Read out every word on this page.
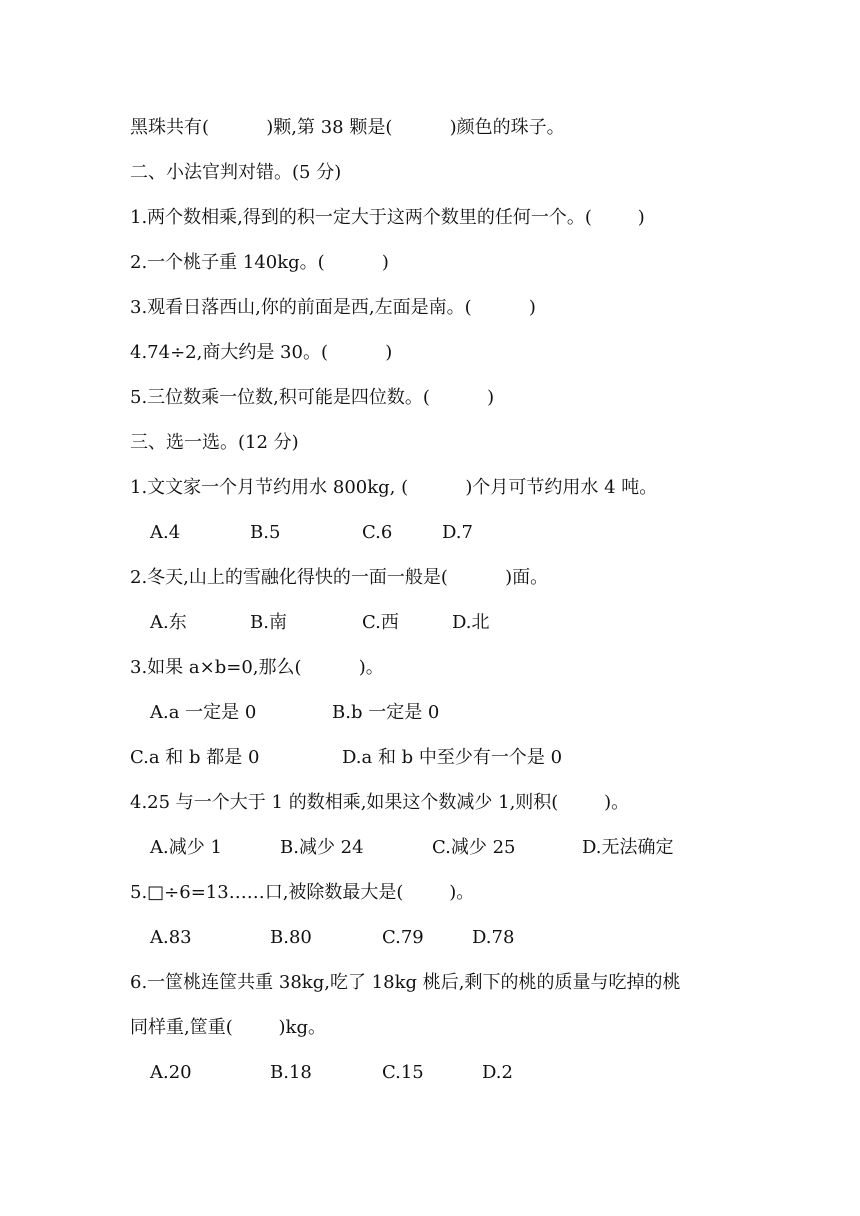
黑珠共有(          )颗,第 38 颗是(          )颜色的珠子。
二、小法官判对错。(5 分)
1.两个数相乘,得到的积一定大于这两个数里的任何一个。(        )
2.一个桃子重 140kg。(          )
3.观看日落西山,你的前面是西,左面是南。(          )
4.74÷2,商大约是 30。(          )
5.三位数乘一位数,积可能是四位数。(          )
三、选一选。(12 分)
1.文文家一个月节约用水 800kg, (          )个月可节约用水 4 吨。
A.4	B.5	C.6	D.7
2.冬天,山上的雪融化得快的一面一般是(          )面。
A.东	B.南	C.西	D.北
3.如果 a×b=0,那么(          )。
A.a 一定是 0	B.b 一定是 0
C.a 和 b 都是 0	D.a 和 b 中至少有一个是 0
4.25 与一个大于 1 的数相乘,如果这个数减少 1,则积(        )。
A.减少 1	B.减少 24	C.减少 25	D.无法确定
5.□÷6=13……口,被除数最大是(        )。
A.83	B.80	C.79	D.78
6.一筐桃连筐共重 38kg,吃了 18kg 桃后,剩下的桃的质量与吃掉的桃
同样重,筐重(        )kg。
A.20	B.18	C.15	D.2
